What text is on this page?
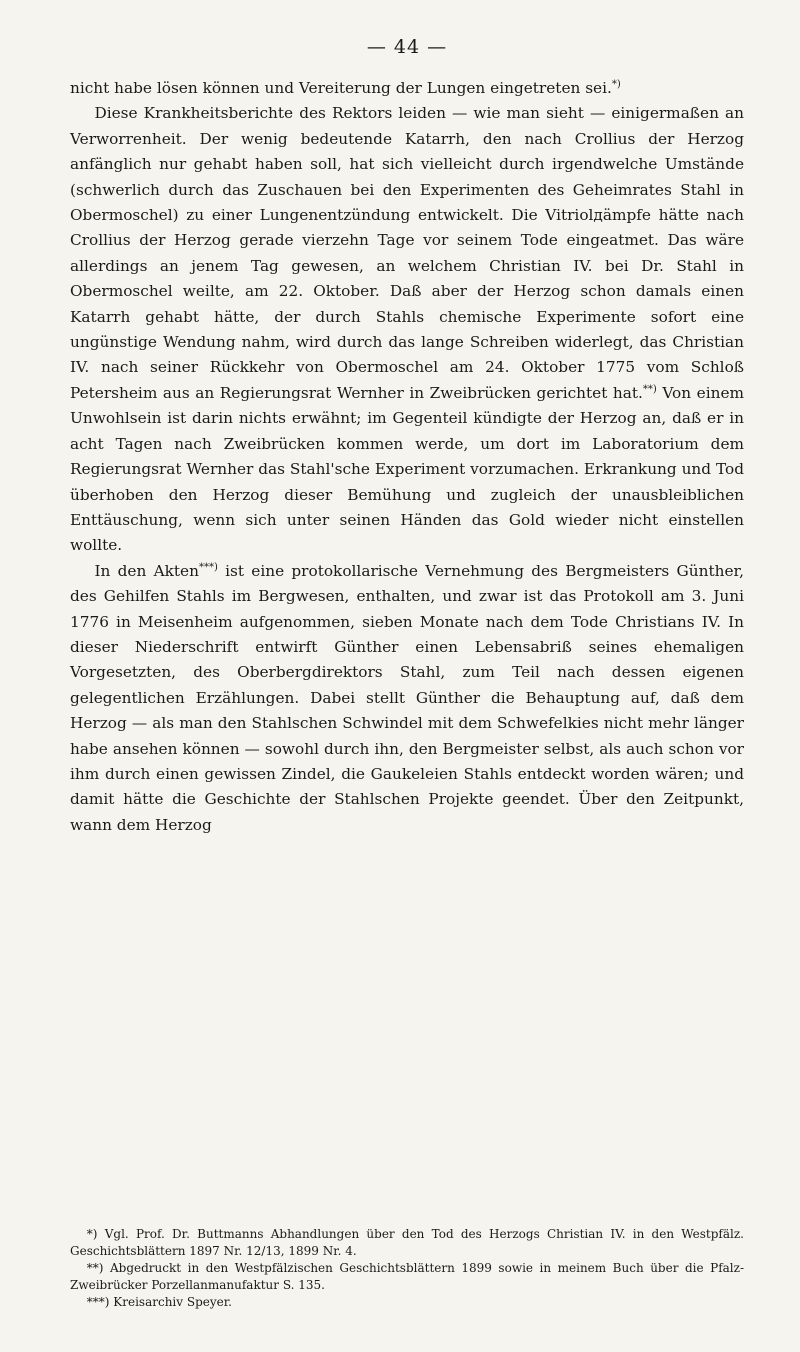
— 44 —

nicht habe lösen können und Vereiterung der Lungen eingetreten sei.*)

Diese Krankheitsberichte des Rektors leiden — wie man sieht — einigermaßen an Verworrenheit. Der wenig bedeutende Katarrh, den nach Crollius der Herzog anfänglich nur gehabt haben soll, hat sich vielleicht durch irgendwelche Umstände (schwerlich durch das Zuschauen bei den Experimenten des Geheimrates Stahl in Obermoschel) zu einer Lungenentzündung entwickelt. Die Vitriolдämpfe hätte nach Crollius der Herzog gerade vierzehn Tage vor seinem Tode eingeatmet. Das wäre allerdings an jenem Tag gewesen, an welchem Christian IV. bei Dr. Stahl in Obermoschel weilte, am 22. Oktober. Daß aber der Herzog schon damals einen Katarrh gehabt hätte, der durch Stahls chemische Experimente sofort eine ungünstige Wendung nahm, wird durch das lange Schreiben widerlegt, das Christian IV. nach seiner Rückkehr von Obermoschel am 24. Oktober 1775 vom Schloß Petersheim aus an Regierungsrat Wernher in Zweibrücken gerichtet hat.**) Von einem Unwohlsein ist darin nichts erwähnt; im Gegenteil kündigte der Herzog an, daß er in acht Tagen nach Zweibrücken kommen werde, um dort im Laboratorium dem Regierungsrat Wernher das Stahl'sche Experiment vorzumachen. Erkrankung und Tod überhoben den Herzog dieser Bemühung und zugleich der unausbleiblichen Enttäuschung, wenn sich unter seinen Händen das Gold wieder nicht einstellen wollte.

In den Akten***) ist eine protokollarische Vernehmung des Bergmeisters Günther, des Gehilfen Stahls im Bergwesen, enthalten, und zwar ist das Protokoll am 3. Juni 1776 in Meisenheim aufgenommen, sieben Monate nach dem Tode Christians IV. In dieser Niederschrift entwirft Günther einen Lebensabriß seines ehemaligen Vorgesetzten, des Oberbergdirektors Stahl, zum Teil nach dessen eigenen gelegentlichen Erzählungen. Dabei stellt Günther die Behauptung auf, daß dem Herzog — als man den Stahlschen Schwindel mit dem Schwefelkies nicht mehr länger habe ansehen können — sowohl durch ihn, den Bergmeister selbst, als auch schon vor ihm durch einen gewissen Zindel, die Gaukeleien Stahls entdeckt worden wären; und damit hätte die Geschichte der Stahlschen Projekte geendet. Über den Zeitpunkt, wann dem Herzog

*) Vgl. Prof. Dr. Buttmanns Abhandlungen über den Tod des Herzogs Christian IV. in den Westpfälz. Geschichtsblättern 1897 Nr. 12/13, 1899 Nr. 4.

**) Abgedruckt in den Westpfälzischen Geschichtsblättern 1899 sowie in meinem Buch über die Pfalz-Zweibrücker Porzellanmanufaktur S. 135.

***) Kreisarchiv Speyer.
